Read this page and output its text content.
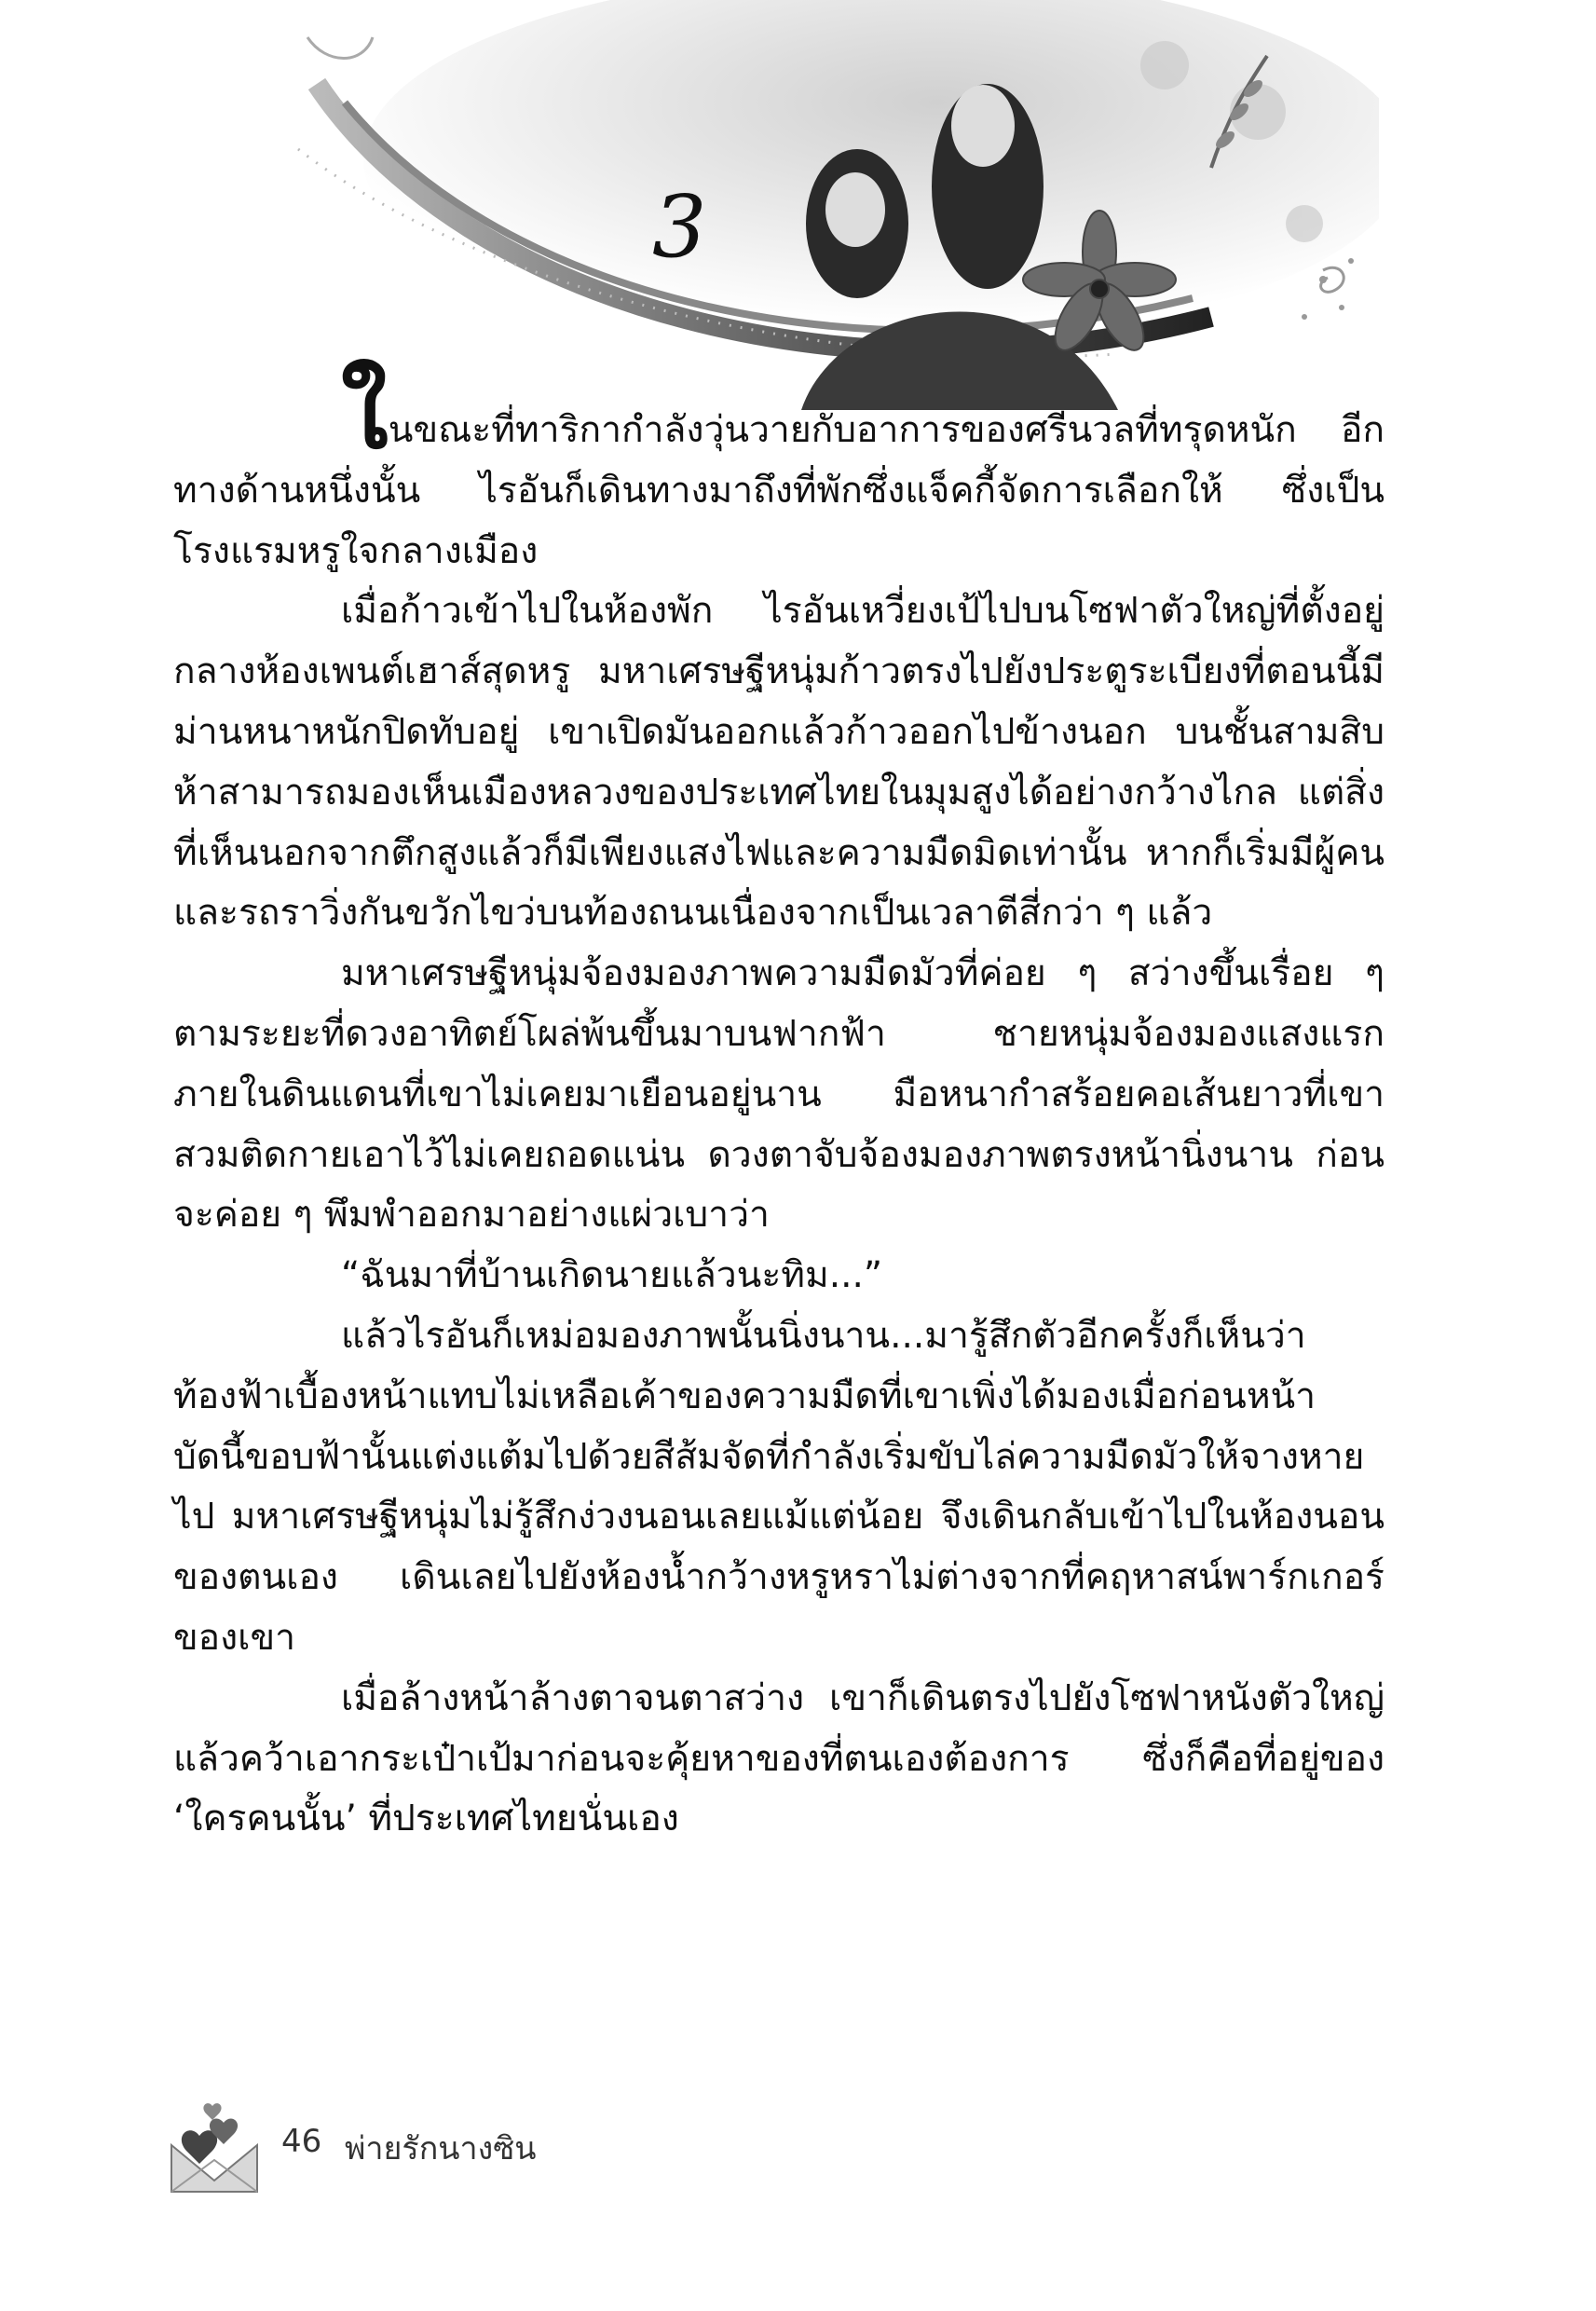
3

ในขณะที่ทาริกากำลังวุ่นวายกับอาการของศรีนวลที่ทรุดหนัก อีกทางด้านหนึ่งนั้น ไรอันก็เดินทางมาถึงที่พักซึ่งแจ็คกี้จัดการเลือกให้ ซึ่งเป็นโรงแรมหรูใจกลางเมือง

เมื่อก้าวเข้าไปในห้องพัก ไรอันเหวี่ยงเป้ไปบนโซฟาตัวใหญ่ที่ตั้งอยู่กลางห้องเพนต์เฮาส์สุดหรู มหาเศรษฐีหนุ่มก้าวตรงไปยังประตูระเบียงที่ตอนนี้มีม่านหนาหนักปิดทับอยู่ เขาเปิดมันออกแล้วก้าวออกไปข้างนอก บนชั้นสามสิบห้าสามารถมองเห็นเมืองหลวงของประเทศไทยในมุมสูงได้อย่างกว้างไกล แต่สิ่งที่เห็นนอกจากตึกสูงแล้วก็มีเพียงแสงไฟและความมืดมิดเท่านั้น หากก็เริ่มมีผู้คนและรถราวิ่งกันขวักไขว่บนท้องถนนเนื่องจากเป็นเวลาตีสี่กว่า ๆ แล้ว

มหาเศรษฐีหนุ่มจ้องมองภาพความมืดมัวที่ค่อย ๆ สว่างขึ้นเรื่อย ๆ ตามระยะที่ดวงอาทิตย์โผล่พ้นขึ้นมาบนฟากฟ้า ชายหนุ่มจ้องมองแสงแรกภายในดินแดนที่เขาไม่เคยมาเยือนอยู่นาน มือหนากำสร้อยคอเส้นยาวที่เขาสวมติดกายเอาไว้ไม่เคยถอดแน่น ดวงตาจับจ้องมองภาพตรงหน้านิ่งนาน ก่อนจะค่อย ๆ พึมพำออกมาอย่างแผ่วเบาว่า

“ฉันมาที่บ้านเกิดนายแล้วนะทิม...”

แล้วไรอันก็เหม่อมองภาพนั้นนิ่งนาน...มารู้สึกตัวอีกครั้งก็เห็นว่าท้องฟ้าเบื้องหน้าแทบไม่เหลือเค้าของความมืดที่เขาเพิ่งได้มองเมื่อก่อนหน้า บัดนี้ขอบฟ้านั้นแต่งแต้มไปด้วยสีส้มจัดที่กำลังเริ่มขับไล่ความมืดมัวให้จางหายไป มหาเศรษฐีหนุ่มไม่รู้สึกง่วงนอนเลยแม้แต่น้อย จึงเดินกลับเข้าไปในห้องนอนของตนเอง เดินเลยไปยังห้องน้ำกว้างหรูหราไม่ต่างจากที่คฤหาสน์พาร์กเกอร์ของเขา

เมื่อล้างหน้าล้างตาจนตาสว่าง เขาก็เดินตรงไปยังโซฟาหนังตัวใหญ่แล้วคว้าเอากระเป๋าเป้มาก่อนจะคุ้ยหาของที่ตนเองต้องการ ซึ่งก็คือที่อยู่ของ ‘ใครคนนั้น’ ที่ประเทศไทยนั่นเอง

46 พ่ายรักนางซิน
